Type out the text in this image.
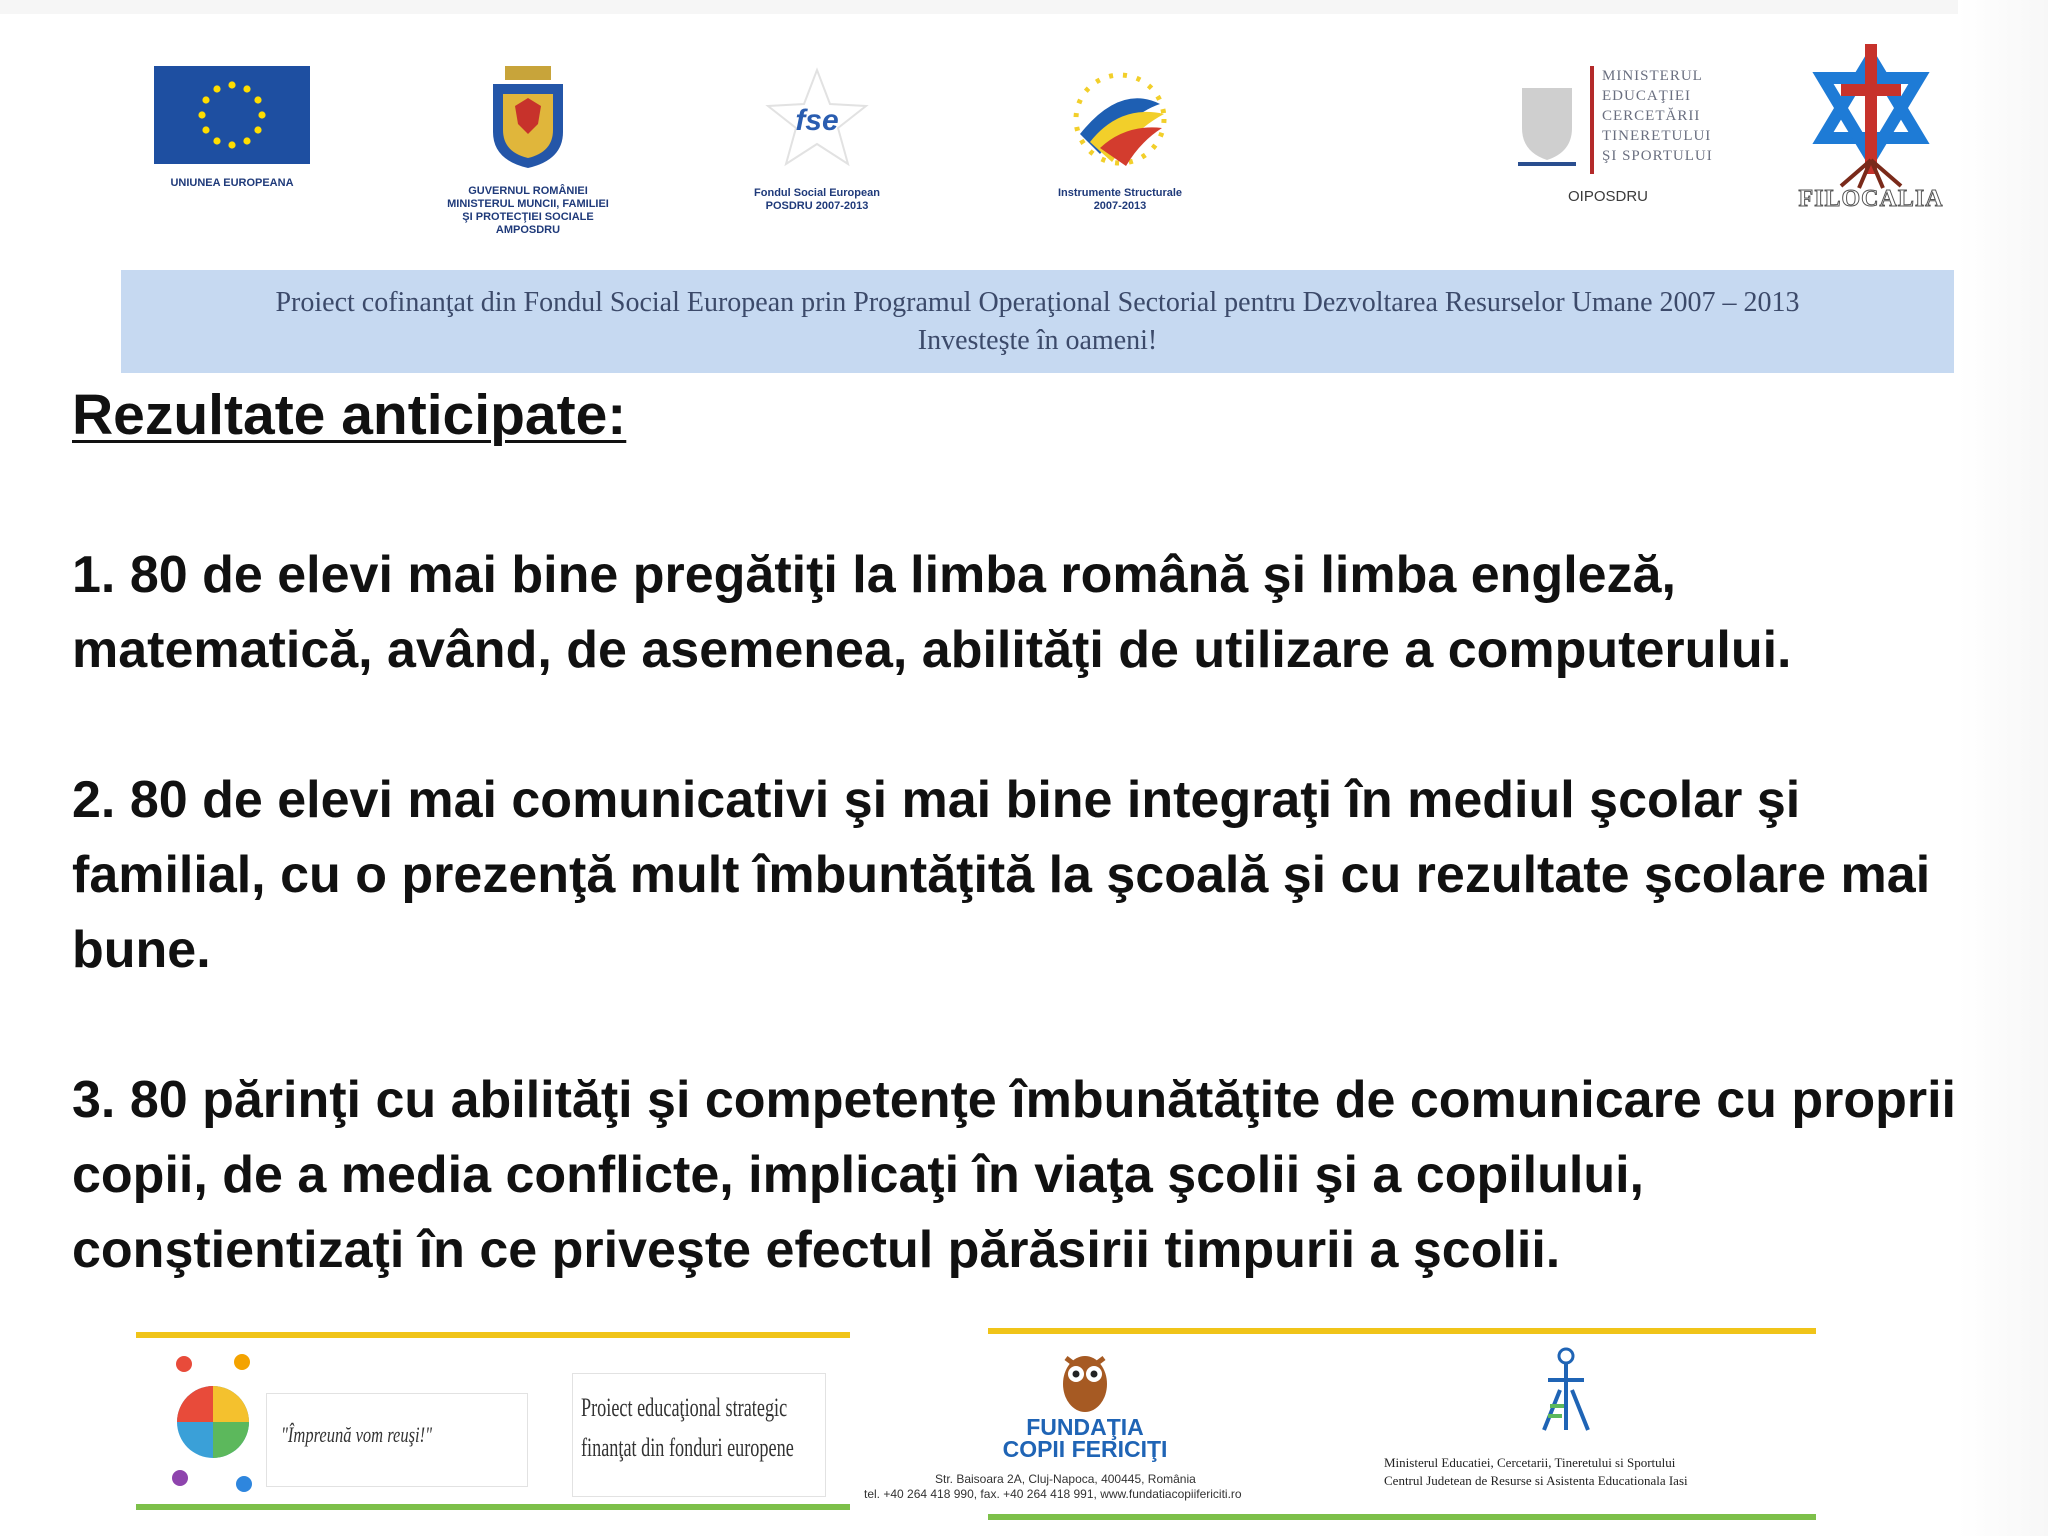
UNIUNEA EUROPEANA
GUVERNUL ROMÂNIEI
MINISTERUL MUNCII, FAMILIEI
ŞI PROTECŢIEI SOCIALE
AMPOSDRU
fse
Fondul Social European
POSDRU 2007-2013
Instrumente Structurale
2007-2013
MINISTERUL
EDUCAŢIEI
CERCETĂRII
TINERETULUI
ŞI SPORTULUI
OIPOSDRU	FILOCALIA
Proiect cofinanţat din Fondul Social European prin Programul Operaţional Sectorial pentru Dezvoltarea Resurselor Umane 2007 – 2013
Investeşte în oameni!
Rezultate anticipate:

1. 80 de elevi mai bine pregătiţi la limba română şi limba engleză, matematică, având, de asemenea, abilităţi de utilizare a computerului.

2. 80 de elevi mai comunicativi şi mai bine integraţi în mediul şcolar şi familial, cu o prezenţă mult îmbuntăţită la şcoală şi cu rezultate şcolare mai bune.

3. 80 părinţi cu abilităţi şi competenţe îmbunătăţite de comunicare cu proprii copii, de a media conflicte, implicaţi în viaţa şcolii şi a copilului, conştientizaţi în ce priveşte efectul părăsirii timpurii a şcolii.

"Împreună vom reuşi!"
Proiect educaţional strategic finanţat din fonduri europene
FUNDAŢIA
COPII FERICIŢI
Str. Baisoara 2A, Cluj-Napoca, 400445, România
tel. +40 264 418 990, fax. +40 264 418 991, www.fundatiacopiifericiti.ro
Ministerul Educatiei, Cercetarii, Tineretului si Sportului
Centrul Judetean de Resurse si Asistenta Educationala Iasi
